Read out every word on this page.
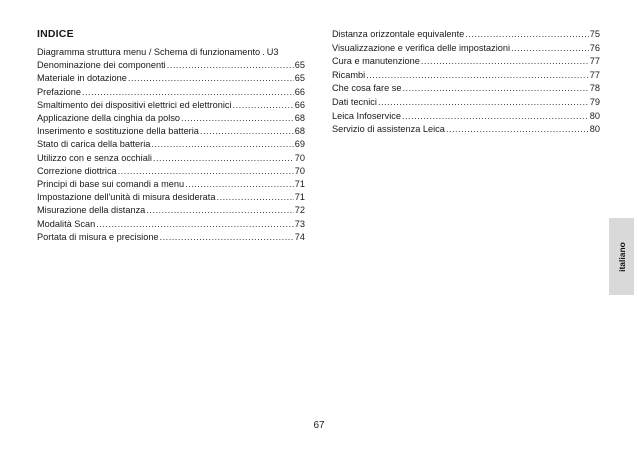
INDICE
Diagramma struttura menu / Schema di funzionamento . U3
Denominazione dei componenti .....	65
Materiale in dotazione .....	65
Prefazione .....	66
Smaltimento dei dispositivi elettrici ed elettronici .....	66
Applicazione della cinghia da polso .....	68
Inserimento e sostituzione della batteria .....	68
Stato di carica della batteria .....	69
Utilizzo con e senza occhiali .....	70
Correzione diottrica .....	70
Principi di base sui comandi a menu .....	71
Impostazione dell'unità di misura desiderata .....	71
Misurazione della distanza .....	72
Modalità Scan .....	73
Portata di misura e precisione .....	74
Distanza orizzontale equivalente .....	75
Visualizzazione e verifica delle impostazioni .....	76
Cura e manutenzione .....	77
Ricambi .....	77
Che cosa fare se .....	78
Dati tecnici .....	79
Leica Infoservice .....	80
Servizio di assistenza Leica .....	80
italiano
67
